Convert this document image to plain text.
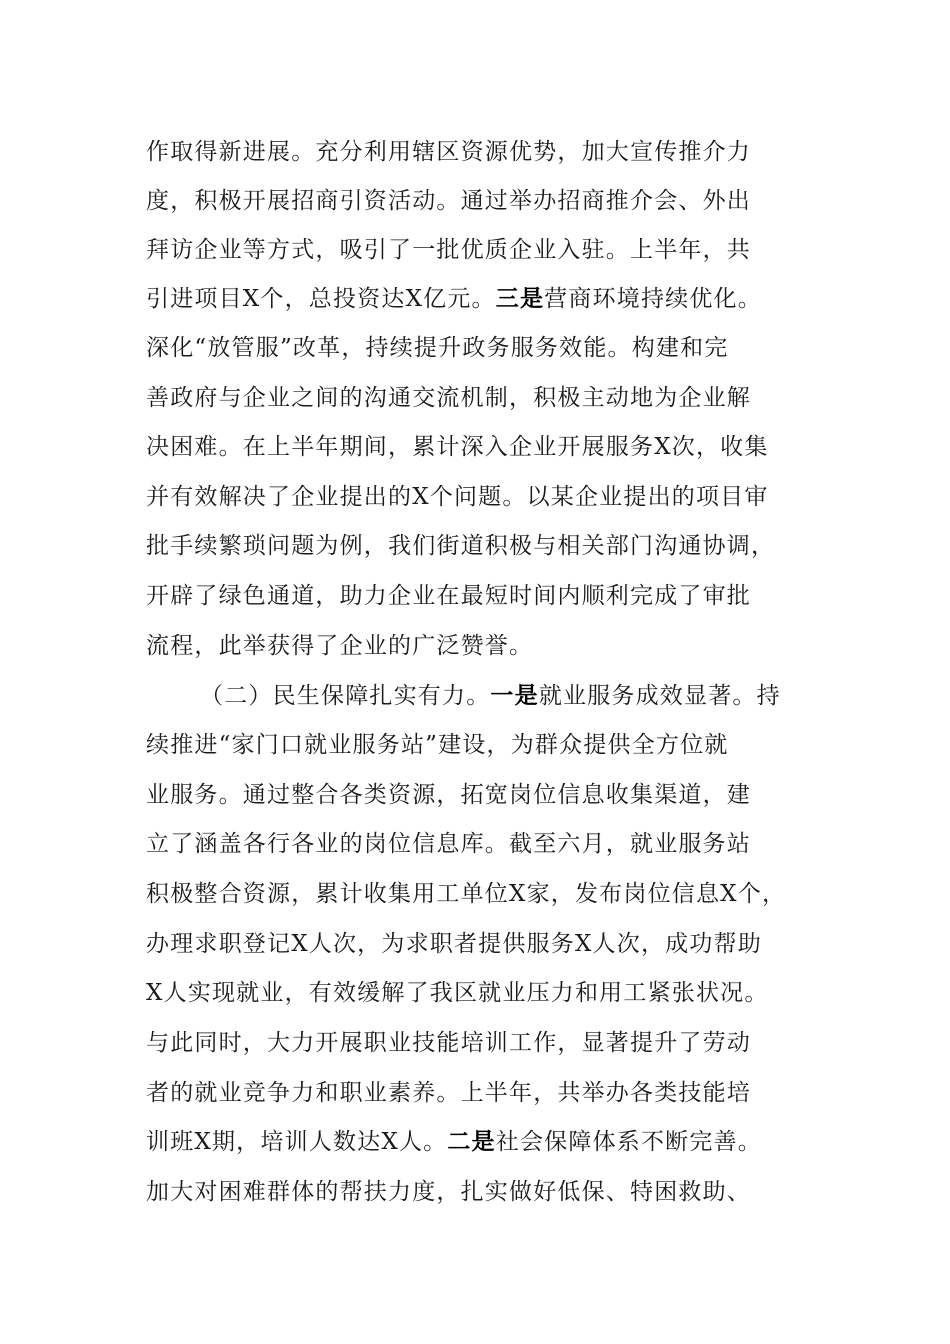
作取得新进展。充分利用辖区资源优势，加大宣传推介力
度，积极开展招商引资活动。通过举办招商推介会、外出
拜访企业等方式，吸引了一批优质企业入驻。上半年，共
引进项目X个，总投资达X亿元。三是营商环境持续优化。
深化“放管服”改革，持续提升政务服务效能。构建和完
善政府与企业之间的沟通交流机制，积极主动地为企业解
决困难。在上半年期间，累计深入企业开展服务X次，收集
并有效解决了企业提出的X个问题。以某企业提出的项目审
批手续繁琐问题为例，我们街道积极与相关部门沟通协调，
开辟了绿色通道，助力企业在最短时间内顺利完成了审批
流程，此举获得了企业的广泛赞誉。
（二）民生保障扎实有力。一是就业服务成效显著。持
续推进“家门口就业服务站”建设，为群众提供全方位就
业服务。通过整合各类资源，拓宽岗位信息收集渠道，建
立了涵盖各行各业的岗位信息库。截至六月，就业服务站
积极整合资源，累计收集用工单位X家，发布岗位信息X个，
办理求职登记X人次，为求职者提供服务X人次，成功帮助
X人实现就业，有效缓解了我区就业压力和用工紧张状况。
与此同时，大力开展职业技能培训工作，显著提升了劳动
者的就业竞争力和职业素养。上半年，共举办各类技能培
训班X期，培训人数达X人。二是社会保障体系不断完善。
加大对困难群体的帮扶力度，扎实做好低保、特困救助、
